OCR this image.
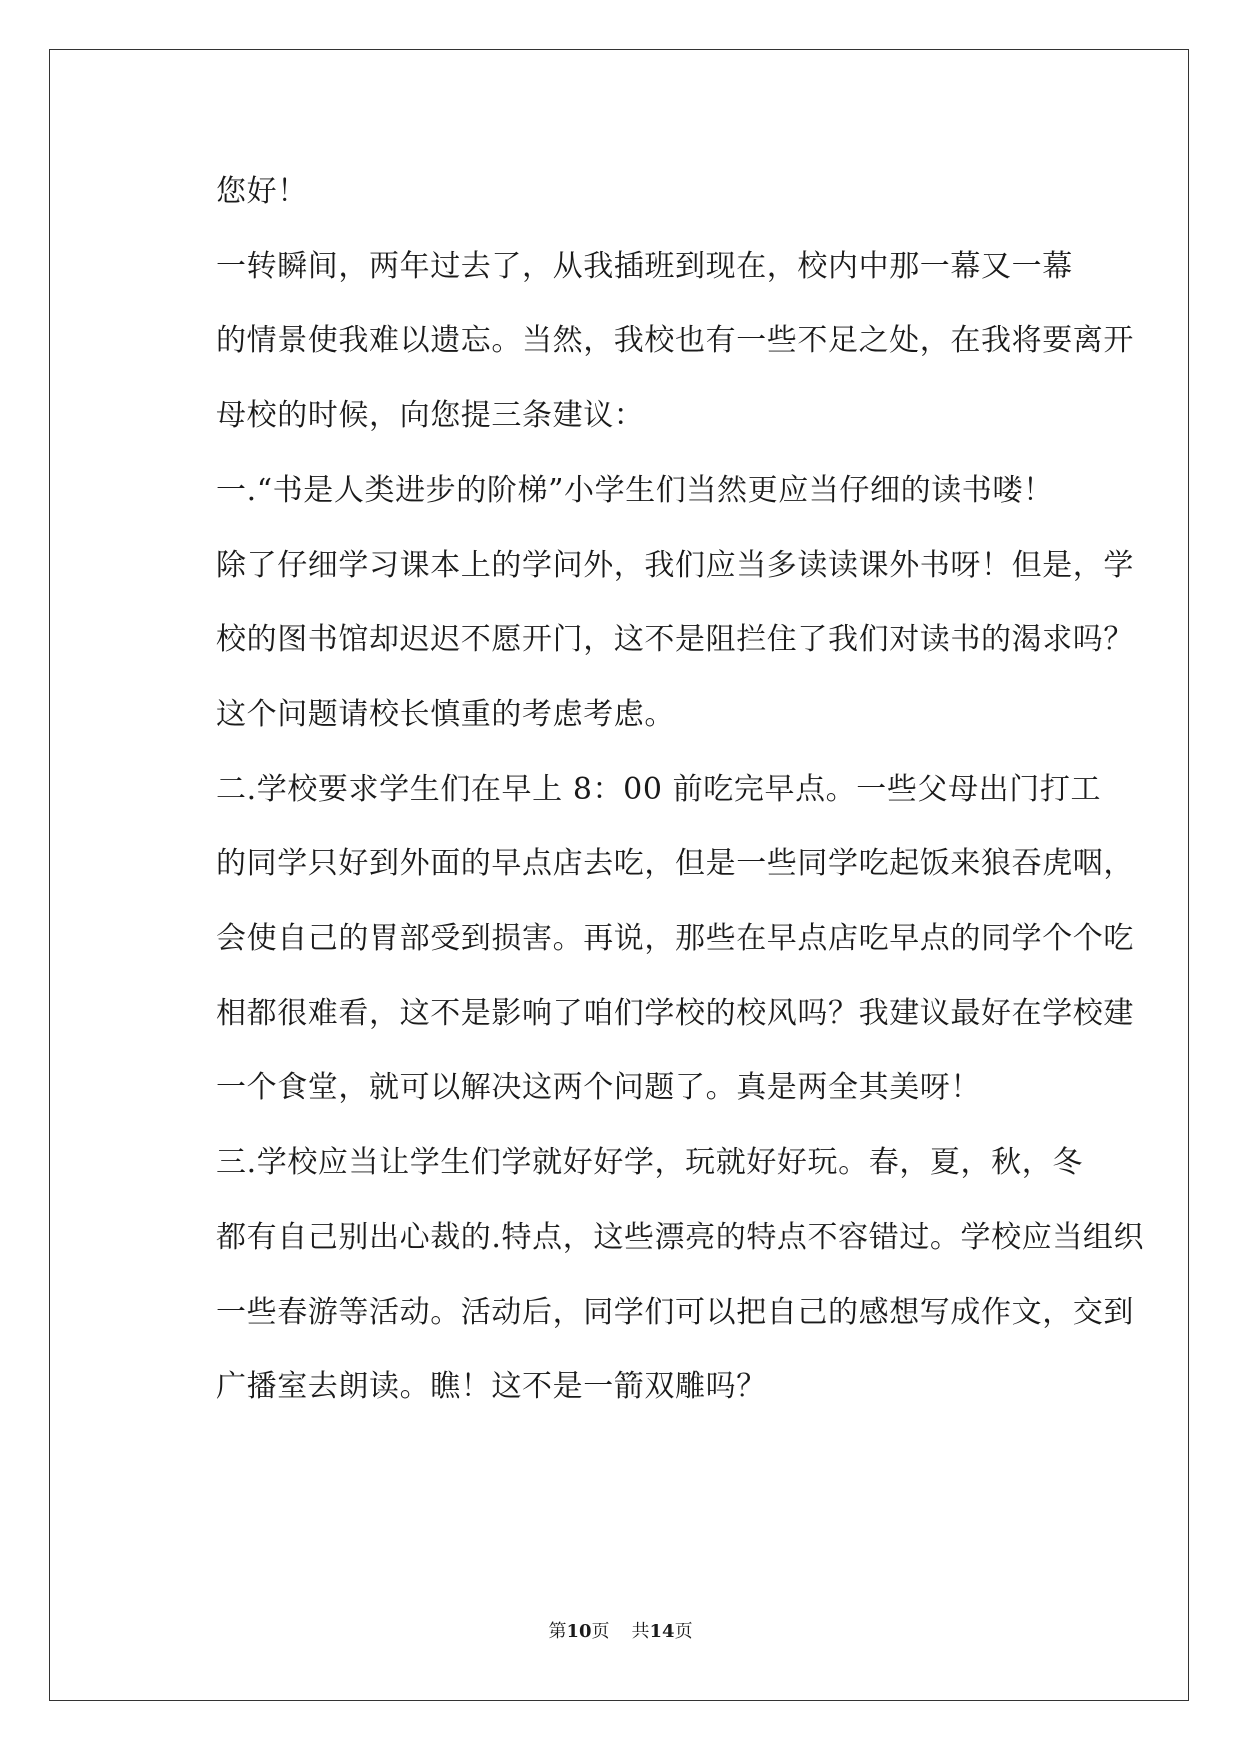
您好！

一转瞬间，两年过去了，从我插班到现在，校内中那一幕又一幕
的情景使我难以遗忘。当然，我校也有一些不足之处，在我将要离开
母校的时候，向您提三条建议：

一.“书是人类进步的阶梯”小学生们当然更应当仔细的读书喽！
除了仔细学习课本上的学问外，我们应当多读读课外书呀！但是，学
校的图书馆却迟迟不愿开门，这不是阻拦住了我们对读书的渴求吗？
这个问题请校长慎重的考虑考虑。

二.学校要求学生们在早上 8：00 前吃完早点。一些父母出门打工
的同学只好到外面的早点店去吃，但是一些同学吃起饭来狼吞虎咽，
会使自己的胃部受到损害。再说，那些在早点店吃早点的同学个个吃
相都很难看，这不是影响了咱们学校的校风吗？我建议最好在学校建
一个食堂，就可以解决这两个问题了。真是两全其美呀！

三.学校应当让学生们学就好好学，玩就好好玩。春，夏，秋，冬
都有自己别出心裁的.特点，这些漂亮的特点不容错过。学校应当组织
一些春游等活动。活动后，同学们可以把自己的感想写成作文，交到
广播室去朗读。瞧！这不是一箭双雕吗？

第10页 共14页
